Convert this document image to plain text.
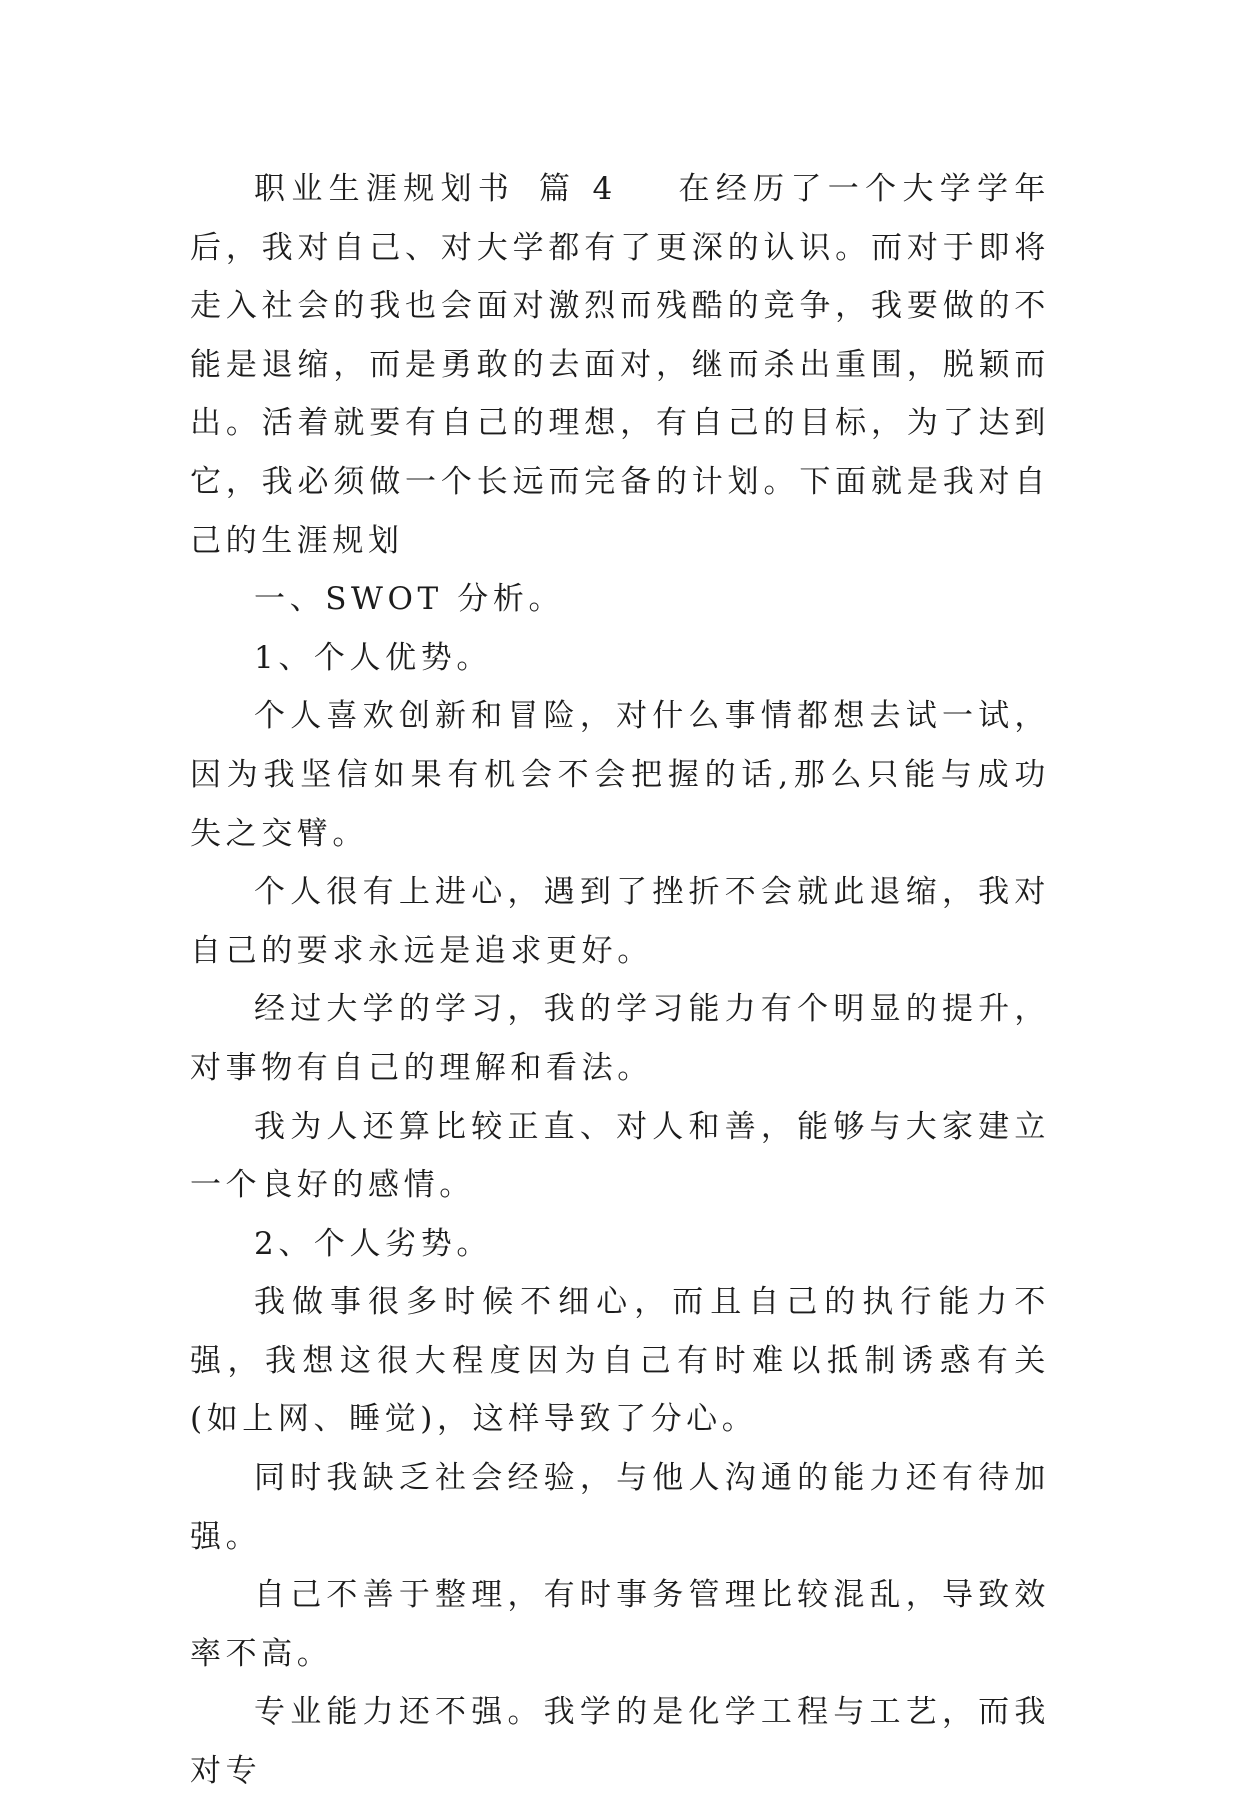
职业生涯规划书 篇 4 在经历了一个大学学年后，我对自己、对大学都有了更深的认识。而对于即将走入社会的我也会面对激烈而残酷的竞争，我要做的不能是退缩，而是勇敢的去面对，继而杀出重围，脱颖而出。活着就要有自己的理想，有自己的目标，为了达到它，我必须做一个长远而完备的计划。下面就是我对自己的生涯规划

一、SWOT 分析。

1、个人优势。

个人喜欢创新和冒险，对什么事情都想去试一试，因为我坚信如果有机会不会把握的话,那么只能与成功失之交臂。

个人很有上进心，遇到了挫折不会就此退缩，我对自己的要求永远是追求更好。

经过大学的学习，我的学习能力有个明显的提升，对事物有自己的理解和看法。

我为人还算比较正直、对人和善，能够与大家建立一个良好的感情。

2、个人劣势。

我做事很多时候不细心，而且自己的执行能力不强，我想这很大程度因为自己有时难以抵制诱惑有关(如上网、睡觉)，这样导致了分心。

同时我缺乏社会经验，与他人沟通的能力还有待加强。

自己不善于整理，有时事务管理比较混乱，导致效率不高。

专业能力还不强。我学的是化学工程与工艺，而我对专
